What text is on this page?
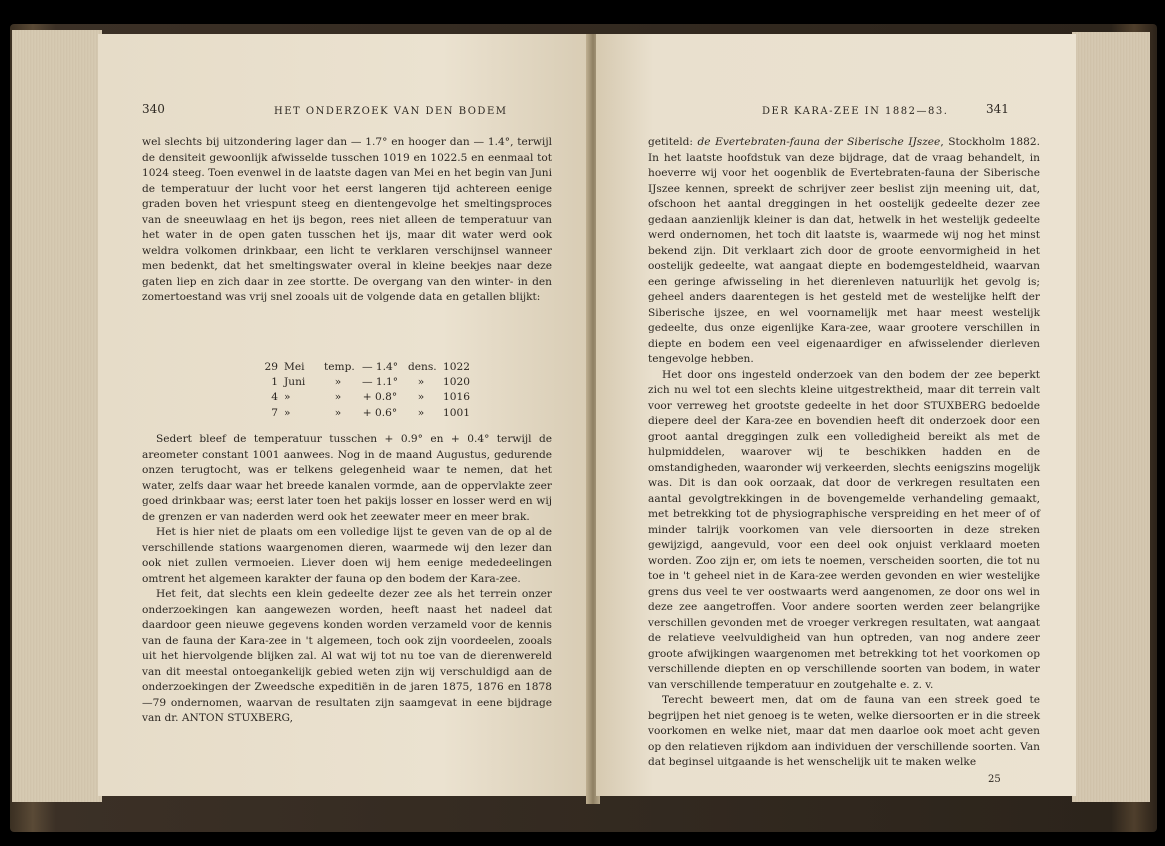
340	HET ONDERZOEK VAN DEN BODEM

wel slechts bij uitzondering lager dan — 1.7° en hooger dan — 1.4°, terwijl de densiteit gewoonlijk afwisselde tusschen 1019 en 1022.5 en eenmaal tot 1024 steeg. Toen evenwel in de laatste dagen van Mei en het begin van Juni de temperatuur der lucht voor het eerst langeren tijd achtereen eenige graden boven het vriespunt steeg en dientengevolge het smeltingsproces van de sneeuwlaag en het ijs begon, rees niet alleen de temperatuur van het water in de open gaten tusschen het ijs, maar dit water werd ook weldra volkomen drinkbaar, een licht te verklaren verschijnsel wanneer men bedenkt, dat het smeltingswater overal in kleine beekjes naar deze gaten liep en zich daar in zee stortte. De overgang van den winter- in den zomertoestand was vrij snel zooals uit de volgende data en getallen blijkt:

29 Mei	temp. — 1.4° dens. 1022
1 Juni	»	— 1.1°	»	1020
4 »	»	+ 0.8°	»	1016
7 »	»	+ 0.6°	»	1001

Sedert bleef de temperatuur tusschen + 0.9° en + 0.4° terwijl de areometer constant 1001 aanwees. Nog in de maand Augustus, gedurende onzen terugtocht, was er telkens gelegenheid waar te nemen, dat het water, zelfs daar waar het breede kanalen vormde, aan de oppervlakte zeer goed drinkbaar was; eerst later toen het pakijs losser en losser werd en wij de grenzen er van naderden werd ook het zeewater meer en meer brak.

Het is hier niet de plaats om een volledige lijst te geven van de op al de verschillende stations waargenomen dieren, waarmede wij den lezer dan ook niet zullen vermoeien. Liever doen wij hem eenige mededeelingen omtrent het algemeen karakter der fauna op den bodem der Kara-zee.

Het feit, dat slechts een klein gedeelte dezer zee als het terrein onzer onderzoekingen kan aangewezen worden, heeft naast het nadeel dat daardoor geen nieuwe gegevens konden worden verzameld voor de kennis van de fauna der Kara-zee in 't algemeen, toch ook zijn voordeelen, zooals uit het hiervolgende blijken zal. Al wat wij tot nu toe van de dierenwereld van dit meestal ontoegankelijk gebied weten zijn wij verschuldigd aan de onderzoekingen der Zweedsche expeditiën in de jaren 1875, 1876 en 1878—79 ondernomen, waarvan de resultaten zijn saamgevat in eene bijdrage van dr. ANTON STUXBERG,

DER KARA-ZEE IN 1882—83.	341

getiteld: de Evertebraten-fauna der Siberische IJszee, Stockholm 1882. In het laatste hoofdstuk van deze bijdrage, dat de vraag behandelt, in hoeverre wij voor het oogenblik de Evertebraten-fauna der Siberische IJszee kennen, spreekt de schrijver zeer beslist zijn meening uit, dat, ofschoon het aantal dreggingen in het oostelijk gedeelte dezer zee gedaan aanzienlijk kleiner is dan dat, hetwelk in het westelijk gedeelte werd ondernomen, het toch dit laatste is, waarmede wij nog het minst bekend zijn. Dit verklaart zich door de groote eenvormigheid in het oostelijk gedeelte, wat aangaat diepte en bodemgesteldheid, waarvan een geringe afwisseling in het dierenleven natuurlijk het gevolg is; geheel anders daarentegen is het gesteld met de westelijke helft der Siberische ijszee, en wel voornamelijk met haar meest westelijk gedeelte, dus onze eigenlijke Kara-zee, waar grootere verschillen in diepte en bodem een veel eigenaardiger en afwisselender dierleven tengevolge hebben.

Het door ons ingesteld onderzoek van den bodem der zee beperkt zich nu wel tot een slechts kleine uitgestrektheid, maar dit terrein valt voor verreweg het grootste gedeelte in het door STUXBERG bedoelde diepere deel der Kara-zee en bovendien heeft dit onderzoek door een groot aantal dreggingen zulk een volledigheid bereikt als met de hulpmiddelen, waarover wij te beschikken hadden en de omstandigheden, waaronder wij verkeerden, slechts eenigszins mogelijk was. Dit is dan ook oorzaak, dat door de verkregen resultaten een aantal gevolgtrekkingen in de bovengemelde verhandeling gemaakt, met betrekking tot de physiographische verspreiding en het meer of of minder talrijk voorkomen van vele diersoorten in deze streken gewijzigd, aangevuld, voor een deel ook onjuist verklaard moeten worden. Zoo zijn er, om iets te noemen, verscheiden soorten, die tot nu toe in 't geheel niet in de Kara-zee werden gevonden en wier westelijke grens dus veel te ver oostwaarts werd aangenomen, ze door ons wel in deze zee aangetroffen. Voor andere soorten werden zeer belangrijke verschillen gevonden met de vroeger verkregen resultaten, wat aangaat de relatieve veelvuldigheid van hun optreden, van nog andere zeer groote afwijkingen waargenomen met betrekking tot het voorkomen op verschillende diepten en op verschillende soorten van bodem, in water van verschillende temperatuur en zoutgehalte e. z. v.

Terecht beweert men, dat om de fauna van een streek goed te begrijpen het niet genoeg is te weten, welke diersoorten er in die streek voorkomen en welke niet, maar dat men daarloe ook moet acht geven op den relatieven rijkdom aan individuen der verschillende soorten. Van dat beginsel uitgaande is het wenschelijk uit te maken welke

25
